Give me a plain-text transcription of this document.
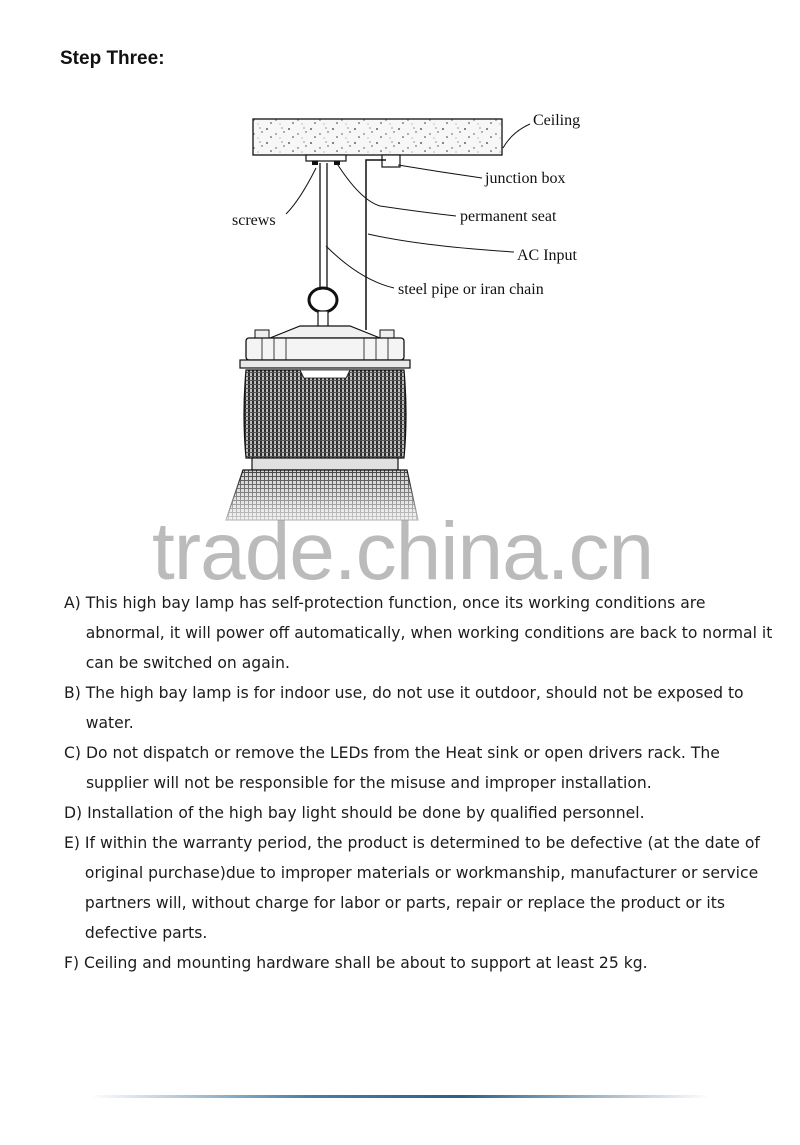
Step Three:
Ceiling
junction box
screws	permanent seat
AC Input
steel pipe or iran chain
trade.china.cn
A) This high bay lamp has self-protection function, once its working conditions are abnormal, it will power off automatically, when working conditions are back to normal it can be switched on again.
B) The high bay lamp is for indoor use, do not use it outdoor, should not be exposed to water.
C) Do not dispatch or remove the LEDs from the Heat sink or open drivers rack. The supplier will not be responsible for the misuse and improper installation.
D) Installation of the high bay light should be done by qualified personnel.
E) If within the warranty period, the product is determined to be defective (at the date of original purchase)due to improper materials or workmanship, manufacturer or service partners will, without charge for labor or parts, repair or replace the product or its defective parts.
F) Ceiling and mounting hardware shall be about to support at least 25 kg.
